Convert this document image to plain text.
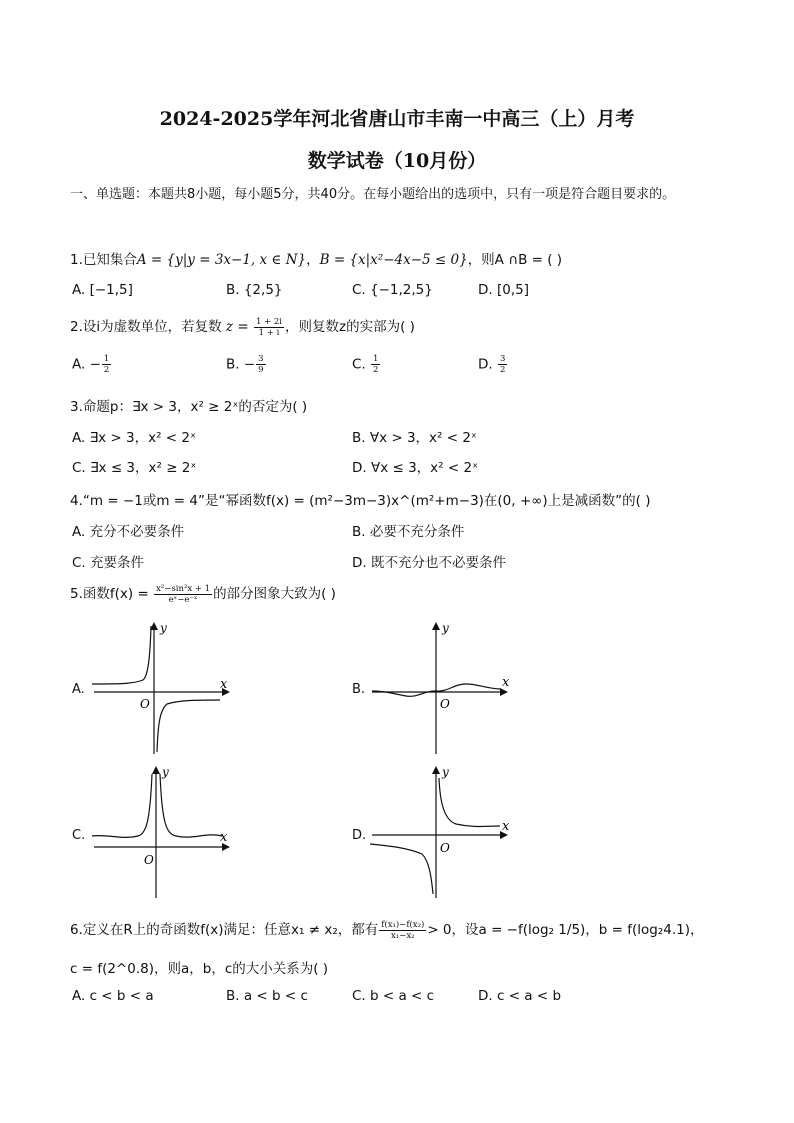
2024-2025学年河北省唐山市丰南一中高三（上）月考
数学试卷（10月份）
一、单选题：本题共8小题，每小题5分，共40分。在每小题给出的选项中，只有一项是符合题目要求的。
1.已知集合A = {y|y = 3x−1, x ∈ N}，B = {x|x²−4x−5 ≤ 0}，则A ∩B = ( )
A. [−1,5]	B. {2,5}	C. {−1,2,5}	D. [0,5]
2.设i为虚数单位，若复数 $z = \frac{1 + 2i}{1 + i}$ ，则复数z的实部为( )
A. − $\frac{1}{2}$	B. − $\frac{3}{9}$	C. $\frac{1}{2}$	D. $\frac{3}{2}$
3.命题p：∃x > 3，x² ≥ 2ˣ的否定为( )
A. ∃x > 3，x² < 2ˣ	B. ∀x > 3，x² < 2ˣ
C. ∃x ≤ 3，x² ≥ 2ˣ	D. ∀x ≤ 3，x² < 2ˣ
4.“m = −1或m = 4”是“幂函数f(x) = (m²−3m−3)x^(m²+m−3)在(0, +∞)上是减函数”的( )
A. 充分不必要条件	B. 必要不充分条件
C. 充要条件	D. 既不充分也不必要条件
5.函数$f(x) = \frac{\text{x²−sin²x + 1}}{\text{eˣ−e⁻ˣ}}$ 的部分图象大致为( )
A.
y
x
O
B.
y
x
O
C.
y
x
O
D.
y
x
O
6.定义在R上的奇函数f(x)满足：任意x₁ ≠ x₂，都有 $\frac{\text{f(x₁)−f(x₂)}}{\text{x₁−x₂}} > 0$，设a = −f(log₂ 1/5)，b = f(log₂4.1)，
c = f(2^0.8)，则a，b，c的大小关系为( )
A. c < b < a	B. a < b < c	C. b < a < c	D. c < a < b
